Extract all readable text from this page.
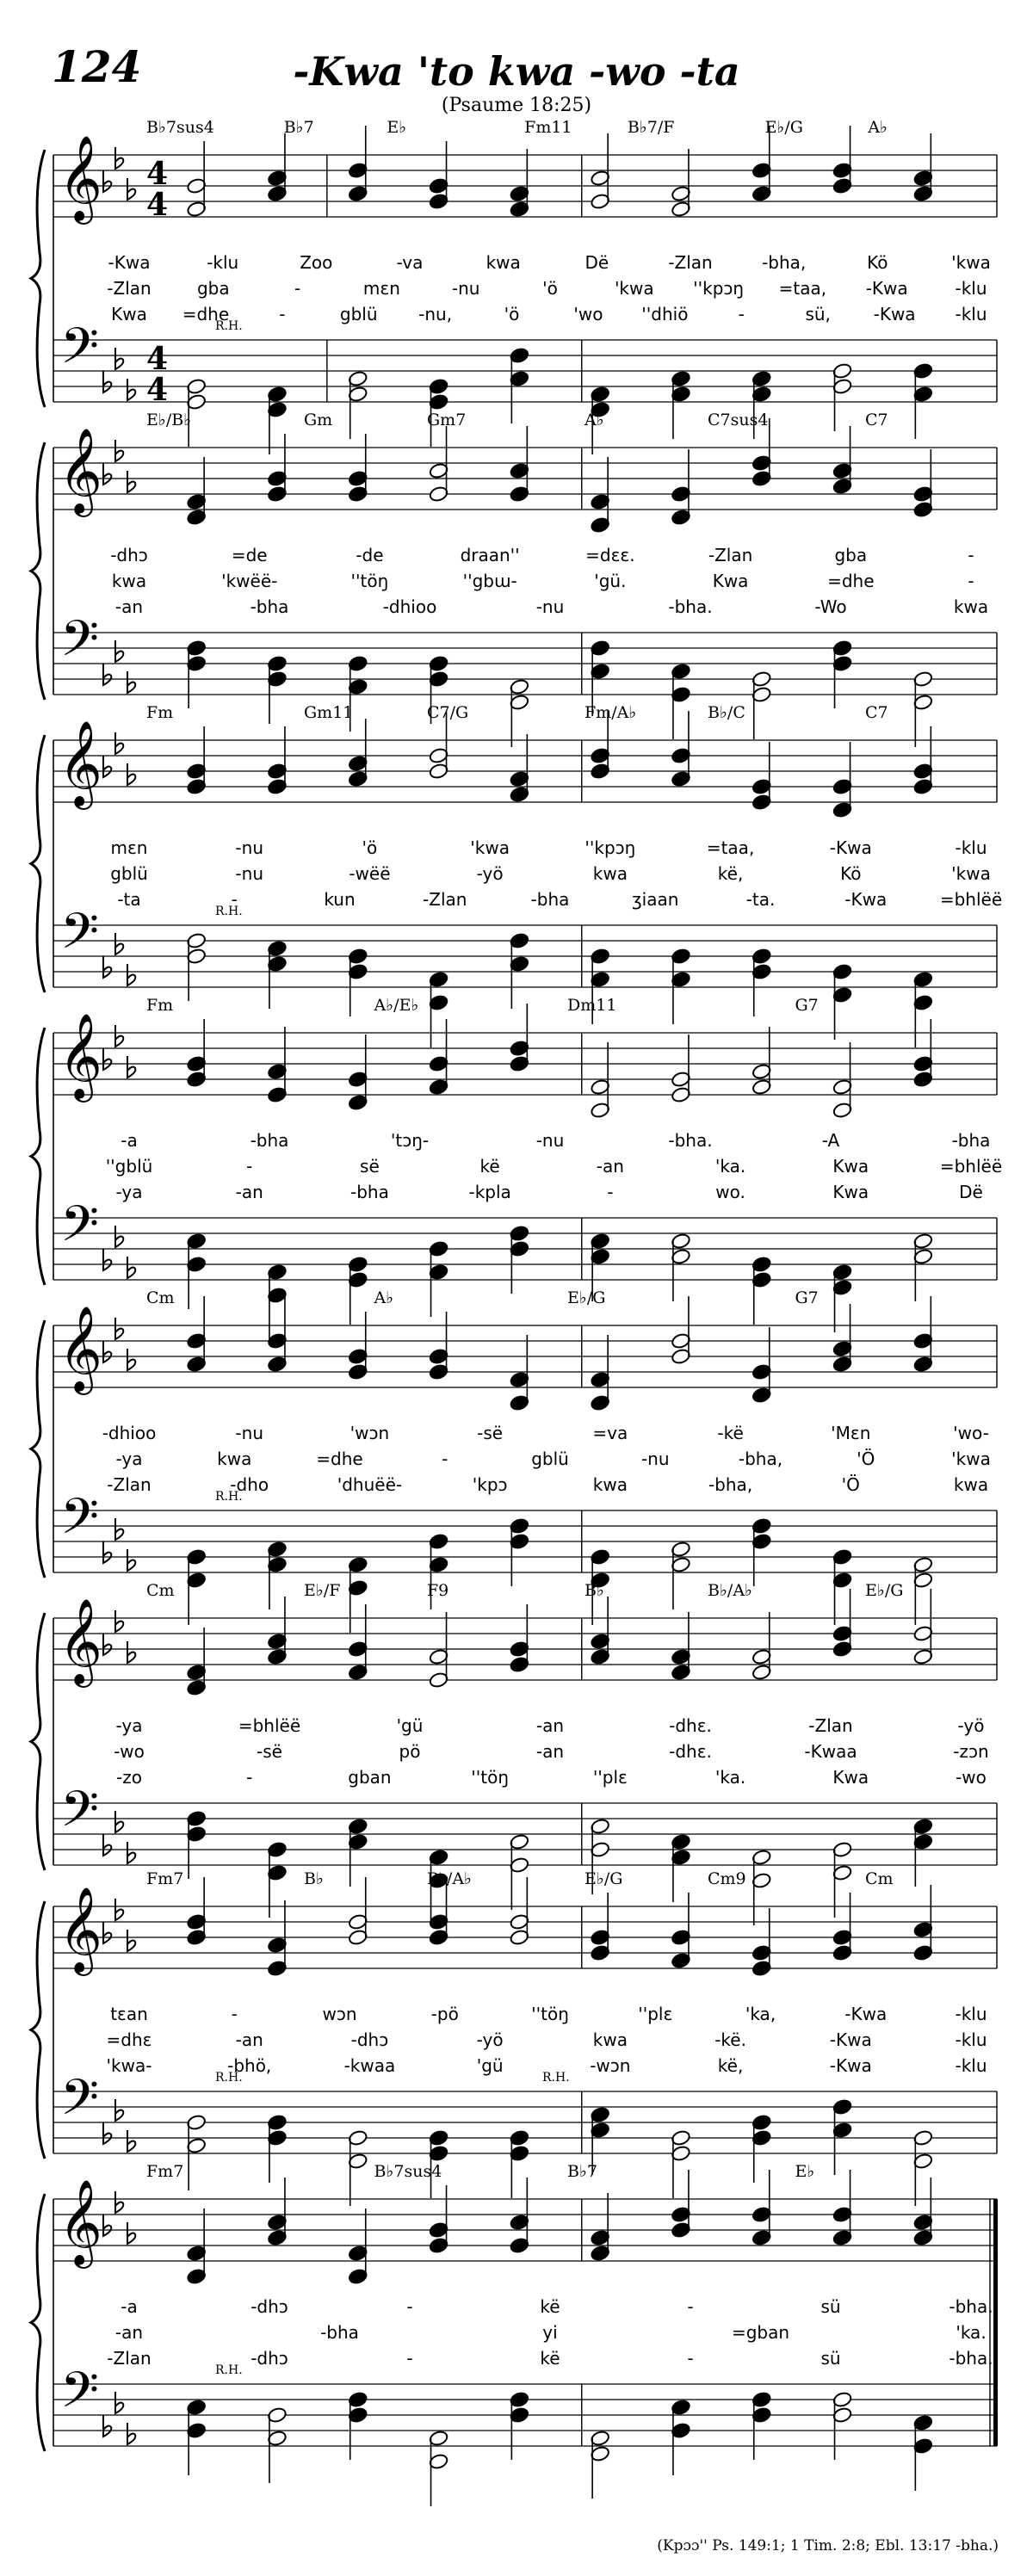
124	-Kwa 'to kwa -wo -ta
(Psaume 18:25)
B♭7sus4	B♭7	E♭	Fm11	B♭7/F	E♭/G	A♭
𝄞
𝄢
4
4
4
4
R.H.
-Kwa	-klu	Zoo	-va	kwa	Dë	-Zlan	-bha,	Kö	'kwa
-Zlan	gba	-	mɛn	-nu	'ö	'kwa ''kpɔŋ =taa, -Kwa	-klu
Kwa =dhe	-	gblü -nu,	'ö	'wo ''dhiö	-	sü, -Kwa -klu
E♭/B♭	Gm	Gm7	A♭	C7sus4	C7
𝄞
𝄢
-dhɔ	=de	-de	draan''	=dɛɛ.	-Zlan	gba	-
kwa	'kwëë-	''töŋ	''gbɯ-	'gü.	Kwa	=dhe	-
-an	-bha	-dhioo	-nu	-bha.	-Wo	kwa
Fm	Gm11	C7/G	Fm/A♭	B♭/C	C7
𝄞
𝄢	R.H.
mɛn	-nu	'ö	'kwa	''kpɔŋ	=taa,	-Kwa	-klu
gblü	-nu	-wëë	-yö	kwa	kë,	Kö	'kwa
-ta	-	kun	-Zlan	-bha	ʒiaan	-ta.	-Kwa	=bhlëë
Fm	A♭/E♭	Dm11	G7
𝄞
𝄢
-a	-bha	'tɔŋ-	-nu	-bha.	-A	-bha
''gblü	-	së	kë	-an	'ka.	Kwa	=bhlëë
-ya	-an	-bha	-kpla	-	wo.	Kwa	Dë
Cm	A♭	E♭/G	G7
𝄞
𝄢	R.H.
-dhioo	-nu	'wɔn	-së	=va	-kë	'Mɛn	'wo-
-ya	kwa	=dhe	-	gblü	-nu	-bha,	'Ö	'kwa
-Zlan	-dho	'dhuëë-	'kpɔ	kwa	-bha,	'Ö	kwa
Cm	E♭/F	F9	B♭	B♭/A♭	E♭/G
𝄞
𝄢
-ya	=bhlëë	'gü	-an	-dhɛ.	-Zlan	-yö
-wo	-së	pö	-an	-dhɛ.	-Kwaa	-zɔn
-zo	-	gban	''töŋ	''plɛ	'ka.	Kwa	-wo
Fm7	B♭	B♭/A♭	E♭/G	Cm9	Cm
𝄞
𝄢	R.H.	R.H.
tɛan	-	wɔn	-pö	''töŋ	''plɛ	'ka,	-Kwa	-klu
=dhɛ	-an	-dhɔ	-yö	kwa	-kë.	-Kwa	-klu
'kwa-	-bhö,	-kwaa	'gü	-wɔn	kë,	-Kwa	-klu
Fm7	B♭7sus4	B♭7	E♭
𝄞
𝄢	R.H.
-a	-dhɔ	-	kë	-	sü	-bha.
-an	-bha	yi	=gban	'ka.
-Zlan	-dhɔ	-	kë	-	sü	-bha.
(Kpɔɔ'' Ps. 149:1; 1 Tim. 2:8; Ebl. 13:17 -bha.)
